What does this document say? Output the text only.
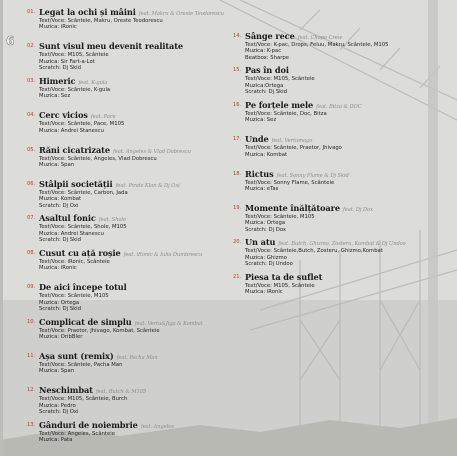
6
01. Legat la ochi și mâini feat. Makru & Oreste Teodorescu
Text/Voce: Scânteie, Makru, Oreste Teodorescu
Muzica: iRonic
02. Sunt visul meu devenit realitate
Text/Voce: M105, Scânteie
Muzica: Sir Fart-a-Lot
Scratch: Dj Skid
03. Himeric feat. K-gula
Text/Voce: Scânteie, K-gula
Muzica: Sez
04. Cerc vicios feat. Pace
Text/Voce: Scânteie, Pace, M105
Muzica: Andrei Stanescu
05. Răni cicatrizate feat. Angeles & Vlad Dobrescu
Text/Voce: Scânteie, Angeles, Vlad Dobrescu
Muzica: Span
06. Stâlpii societății feat. Pirats Klan & Dj Oxi
Text/Voce: Scânteie, Carbon, Jada
Muzica: Kombat
Scratch: Dj Oxi
07. Asaltul fonic feat. Shole
Text/Voce: Scânteie, Shole, M105
Muzica: Andrei Stanescu
Scratch: Dj Skid
08. Cusut cu ață roșie feat. iRonic & Iulia Dumbrescu
Text/Voce: iRonic, Scânteie
Muzica: iRonic
09. De aici începe totul
Text/Voce: Scânteie, M105
Muzica: Ortega
Scratch: Dj Skid
10. Complicat de simplu feat. Vertu&Jiga & Kombat
Text/Voce: Praetor, Jhivago, Kombat, Scânteie
Muzica: DribBler
11. Așa sunt (remix) feat. Pacha Man
Text/Voce: Scânteie, Pacha Man
Muzica: Span
12. Neschimbat feat. Butch & M105
Text/Voce: M105, Scânteie, Burch
Muzica: Pedro
Scratch: Dj Oxi
13. Gânduri de noiembrie feat. Angeles
Text/Voce: Angeles, Scânteie
Muzica: Pata
14. Sânge rece feat. Chopo Crew
Text/Voce: K-pac, Drops, Feluu, Makru, Scânteie, M105
Muzica: K-pac
Beatbox: Sharpe
15. Pas în doi
Text/Voce: M105, Scânteie
Muzica:Ortega
Scratch: Dj Skid
16. Pe forțele mele feat. Bitza & DOC
Text/Voce: Scânteie, Doc, Bitza
Muzica: Sez
17. Unde feat. Vertumago
Text/Voce: Scânteie, Praetor, Jhivago
Muzica: Kombat
18. Rictus feat. Sonny Flame & Dj Skid
Text/Voce: Sonny Flame, Scânteie
Muzica: eTas
19. Momente înălțătoare feat. Dj Dox
Text/Voce: Scânteie, M105
Muzica: Ortega
Scratch: Dj Dox
20. Un atu feat. Butch, Ghizmo, Zosteru, Kombat & Dj Undoo
Text/Voce: Scânteie,Butch, Zosteru, Ghizmo,Kombat
Muzica: Ghizmo
Scratch: Dj Undoo
21. Piesa ta de suflet
Text/Voce: M105, Scânteie
Muzica: iRonic
